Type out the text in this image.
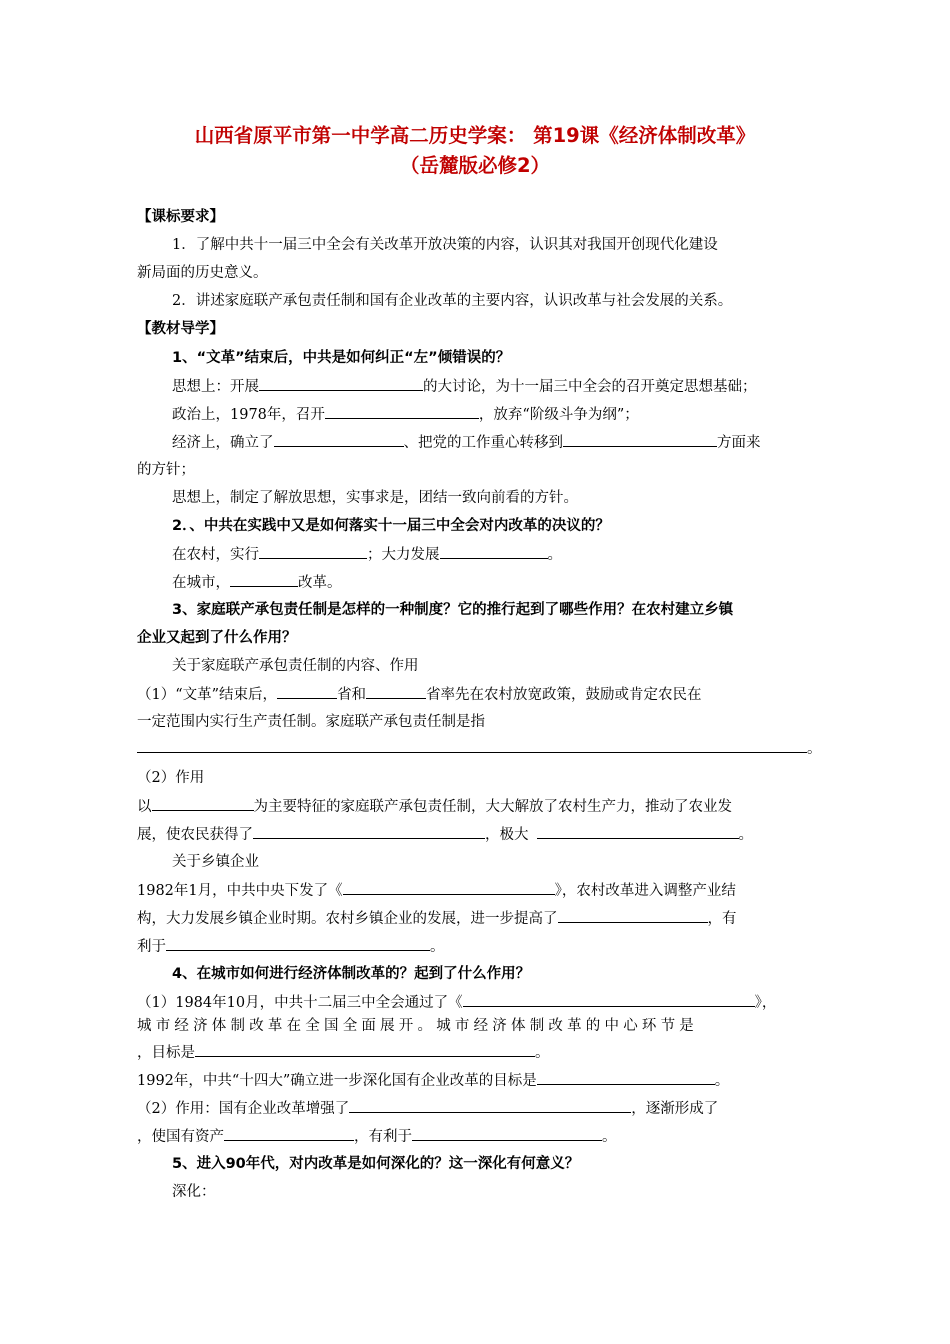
山西省原平市第一中学高二历史学案： 第19课《经济体制改革》
（岳麓版必修2）
【课标要求】
1．了解中共十一届三中全会有关改革开放决策的内容，认识其对我国开创现代化建设
新局面的历史意义。
2．讲述家庭联产承包责任制和国有企业改革的主要内容，认识改革与社会发展的关系。
【教材导学】
1、“文革”结束后，中共是如何纠正“左”倾错误的？
思想上：开展	的大讨论，为十一届三中全会的召开奠定思想基础；
政治上，1978年，召开	，放弃“阶级斗争为纲”；
经济上，确立了	、把党的工作重心转移到	方面来
的方针；
思想上，制定了解放思想，实事求是，团结一致向前看的方针。
2．、中共在实践中又是如何落实十一届三中全会对内改革的决议的？
在农村，实行	；大力发展	。
在城市，	改革。
3、家庭联产承包责任制是怎样的一种制度？它的推行起到了哪些作用？在农村建立乡镇
企业又起到了什么作用？
关于家庭联产承包责任制的内容、作用
（1）“文革”结束后，	省和	省率先在农村放宽政策，鼓励或肯定农民在
一定范围内实行生产责任制。家庭联产承包责任制是指
。
（2）作用
以	为主要特征的家庭联产承包责任制，大大解放了农村生产力，推动了农业发
展，使农民获得了	，极大	。
关于乡镇企业
1982年1月，中共中央下发了《	》，农村改革进入调整产业结
构，大力发展乡镇企业时期。农村乡镇企业的发展，进一步提高了	，有
利于	。
4、在城市如何进行经济体制改革的？起到了什么作用？
（1）1984年10月，中共十二届三中全会通过了《	》，
城市经济体制改革在全国全面展开。城市经济体制改革的中心环节是
，目标是	。
1992年，中共“十四大”确立进一步深化国有企业改革的目标是	。
（2）作用：国有企业改革增强了	，逐渐形成了
，使国有资产	，有利于	。
5、进入90年代，对内改革是如何深化的？这一深化有何意义？
深化：
